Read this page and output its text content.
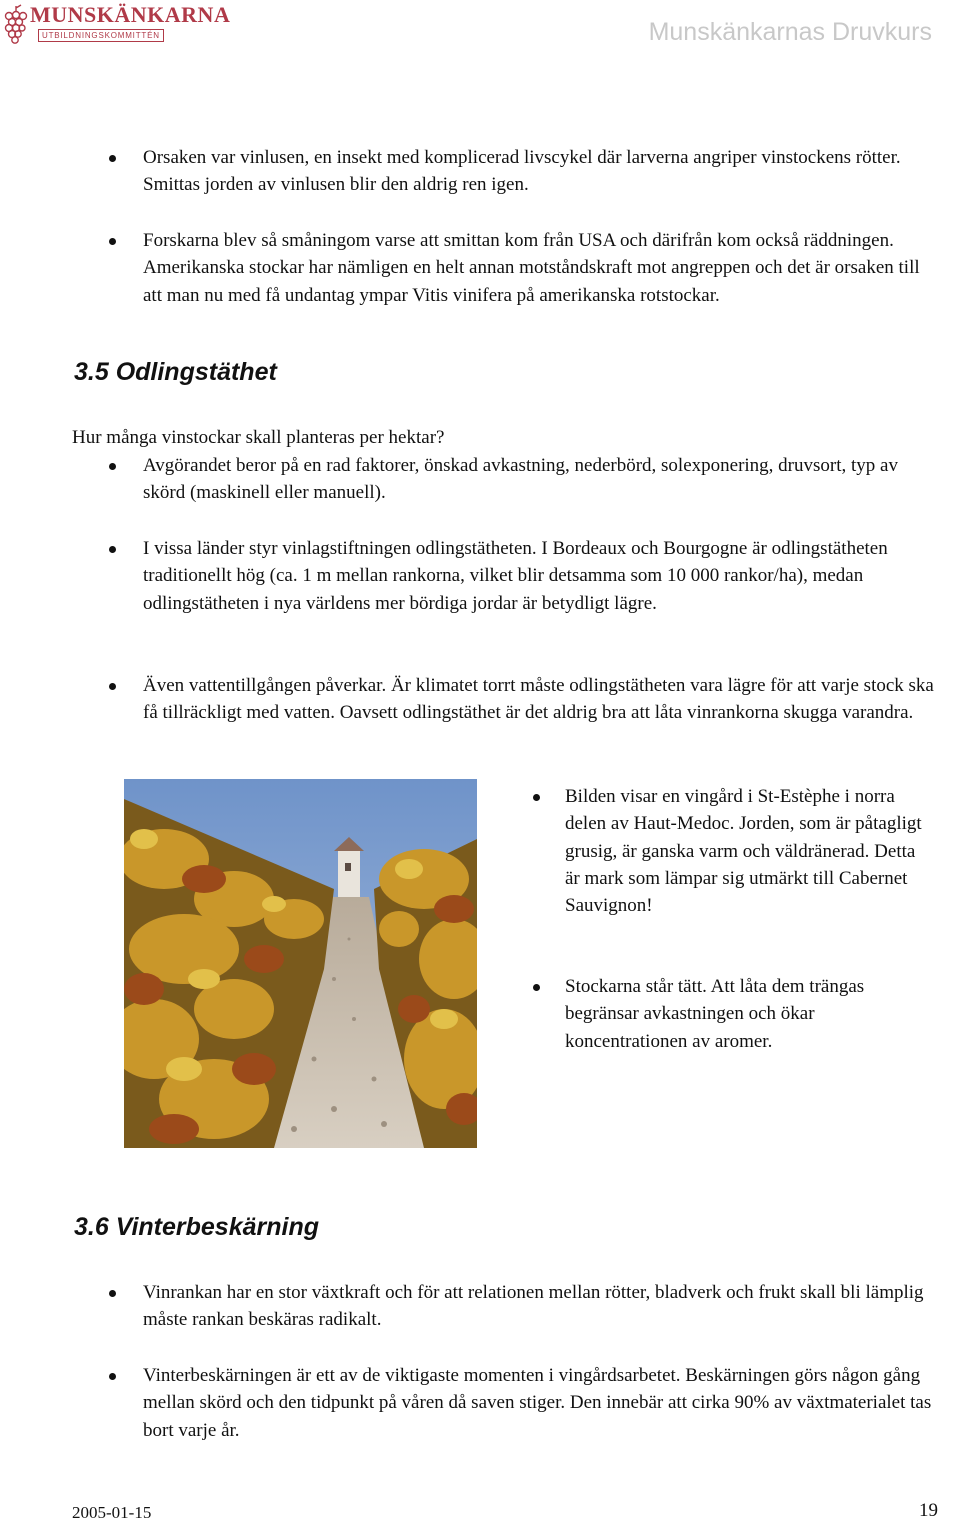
MUNSKÄNKARNA
UTBILDNINGSKOMMITTÉN	Munskänkarnas Druvkurs
Orsaken var vinlusen, en insekt med komplicerad livscykel där larverna angriper vinstockens rötter. Smittas jorden av vinlusen blir den aldrig ren igen.
Forskarna blev så småningom varse att smittan kom från USA och därifrån kom också räddningen. Amerikanska stockar har nämligen en helt annan motståndskraft mot angreppen och det är orsaken till att man nu med få undantag ympar Vitis vinifera på amerikanska rotstockar.
3.5 Odlingstäthet
Hur många vinstockar skall planteras per hektar?
Avgörandet beror på en rad faktorer, önskad avkastning, nederbörd, solexponering, druvsort, typ av skörd (maskinell eller manuell).
I vissa länder styr vinlagstiftningen odlingstätheten. I Bordeaux och Bourgogne är odlingstätheten traditionellt hög (ca. 1 m mellan rankorna, vilket blir detsamma som 10 000 rankor/ha), medan odlingstätheten i nya världens mer bördiga jordar är betydligt lägre.
Även vattentillgången påverkar. Är klimatet torrt måste odlingstätheten vara lägre för att varje stock ska få tillräckligt med vatten. Oavsett odlingstäthet är det aldrig bra att låta vinrankorna skugga varandra.
Bilden visar en vingård i St-Estèphe i norra delen av Haut-Medoc. Jorden, som är påtagligt grusig, är ganska varm och väldränerad. Detta är mark som lämpar sig utmärkt till Cabernet Sauvignon!
Stockarna står tätt. Att låta dem trängas begränsar avkastningen och ökar koncentrationen av aromer.
3.6 Vinterbeskärning
Vinrankan har en stor växtkraft och för att relationen mellan rötter, bladverk och frukt skall bli lämplig måste rankan beskäras radikalt.
Vinterbeskärningen är ett av de viktigaste momenten i vingårdsarbetet. Beskärningen görs någon gång mellan skörd och den tidpunkt på våren då saven stiger. Den innebär att cirka 90% av växtmaterialet tas bort varje år.
2005-01-15	19
